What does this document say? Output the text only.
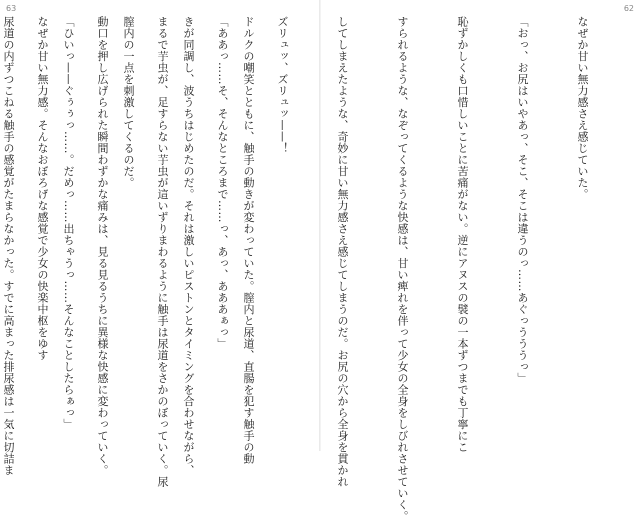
63	62

なぜか甘い無力感さえ感じていた。

「おっ、お尻はいやあっ、そこ、そこは違うのっ……あぐっうううっ」

恥ずかしくも口惜しいことに苦痛がない。逆にアヌスの襞の一本ずつまでも丁寧にこ

すられるような、なぞってくるような快感は、甘い痺れを伴って少女の全身をしびれさせていく。

してしまえたような、奇妙に甘い無力感さえ感じてしまうのだ。お尻の穴から全身を貫かれ

ズリュッ、ズリュッ——！

「ああっ……そ、そんなところまで……っ、あっ、あああぁっ」

まるで芋虫が、足すらない芋虫が這いずりまわるように触手は尿道をさかのぼっていく。尿

動口を押し広げられた瞬間わずかな痛みは、見る見るうちに異様な快感に変わっていく。

なぜか甘い無力感。そんなおぼろげな感覚で少女の快楽中枢をゆす

	ドルクの嘲笑とともに、触手の動きが変わっていた。膣内と尿道、直腸を犯す触手の動

きが同調し、波うちはじめたのだ。それは激しいピストンとタイミングを合わせながら、

膣内の一点を刺激してくるのだ。

「ひいっ——ぐぅぅっ……。だめっ……出ちゃうっ……そんなことしたらぁっ」

尿道の内ずつこねる触手の感覚がたまらなかった。すでに高まった排尿感は一気に切詰ま
